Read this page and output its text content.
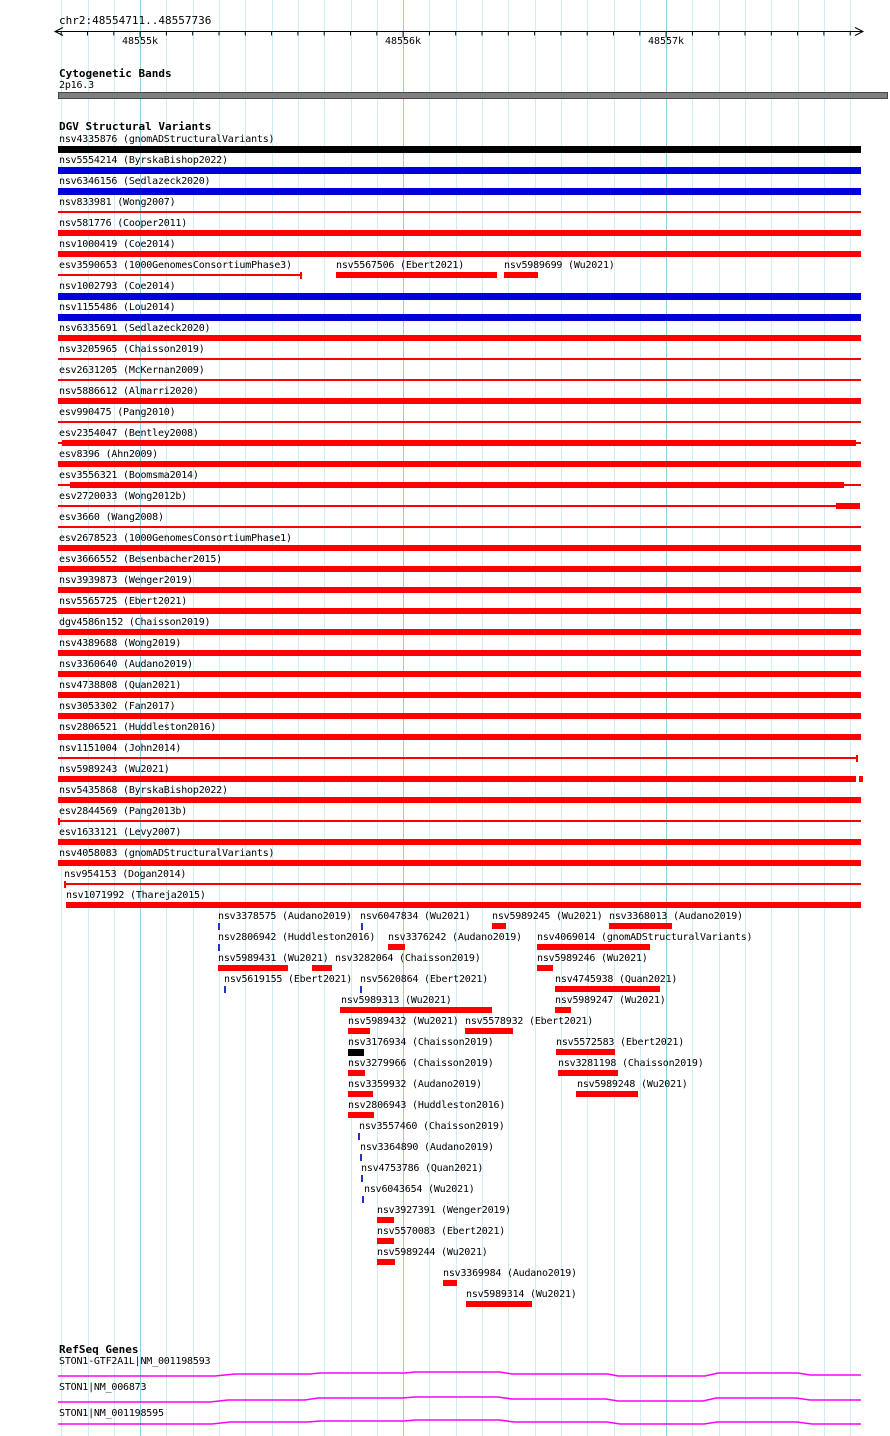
chr2:48554711..48557736
48555k	48556k	48557k
Cytogenetic Bands
2p16.3
DGV Structural Variants
nsv4335876 (gnomADStructuralVariants)
nsv5554214 (ByrskaBishop2022)
nsv6346156 (Sedlazeck2020)
nsv833981 (Wong2007)
nsv581776 (Cooper2011)
nsv1000419 (Coe2014)
esv3590653 (1000GenomesConsortiumPhase3)	nsv5567506 (Ebert2021)	nsv5989699 (Wu2021)
nsv1002793 (Coe2014)
nsv1155486 (Lou2014)
nsv6335691 (Sedlazeck2020)
nsv3205965 (Chaisson2019)
esv2631205 (McKernan2009)
nsv5886612 (Almarri2020)
esv990475 (Pang2010)
esv2354047 (Bentley2008)
esv8396 (Ahn2009)
esv3556321 (Boomsma2014)
esv2720033 (Wong2012b)
esv3660 (Wang2008)
esv2678523 (1000GenomesConsortiumPhase1)
esv3666552 (Besenbacher2015)
nsv3939873 (Wenger2019)
nsv5565725 (Ebert2021)
dgv4586n152 (Chaisson2019)
nsv4389688 (Wong2019)
nsv3360640 (Audano2019)
nsv4738808 (Quan2021)
nsv3053302 (Fan2017)
nsv2806521 (Huddleston2016)
nsv1151004 (John2014)
nsv5989243 (Wu2021)
nsv5435868 (ByrskaBishop2022)
esv2844569 (Pang2013b)
esv1633121 (Levy2007)
nsv4058083 (gnomADStructuralVariants)
nsv954153 (Dogan2014)
nsv1071992 (Thareja2015)
nsv3378575 (Audano2019) nsv6047834 (Wu2021) nsv5989245 (Wu2021) nsv3368013 (Audano2019)
nsv2806942 (Huddleston2016) nsv3376242 (Audano2019) nsv4069014 (gnomADStructuralVariants)
nsv5989431 (Wu2021) nsv3282064 (Chaisson2019)	nsv5989246 (Wu2021)
nsv5619155 (Ebert2021) nsv5620864 (Ebert2021)	nsv4745938 (Quan2021)
nsv5989313 (Wu2021)	nsv5989247 (Wu2021)
nsv5989432 (Wu2021) nsv5578932 (Ebert2021)
nsv3176934 (Chaisson2019)	nsv5572583 (Ebert2021)
nsv3279966 (Chaisson2019)	nsv3281198 (Chaisson2019)
nsv3359932 (Audano2019)	nsv5989248 (Wu2021)
nsv2806943 (Huddleston2016)
nsv3557460 (Chaisson2019)
nsv3364890 (Audano2019)
nsv4753786 (Quan2021)
nsv6043654 (Wu2021)
nsv3927391 (Wenger2019)
nsv5570083 (Ebert2021)
nsv5989244 (Wu2021)
nsv3369984 (Audano2019)
nsv5989314 (Wu2021)
RefSeq Genes
STON1-GTF2A1L|NM_001198593
STON1|NM_006873
STON1|NM_001198595
